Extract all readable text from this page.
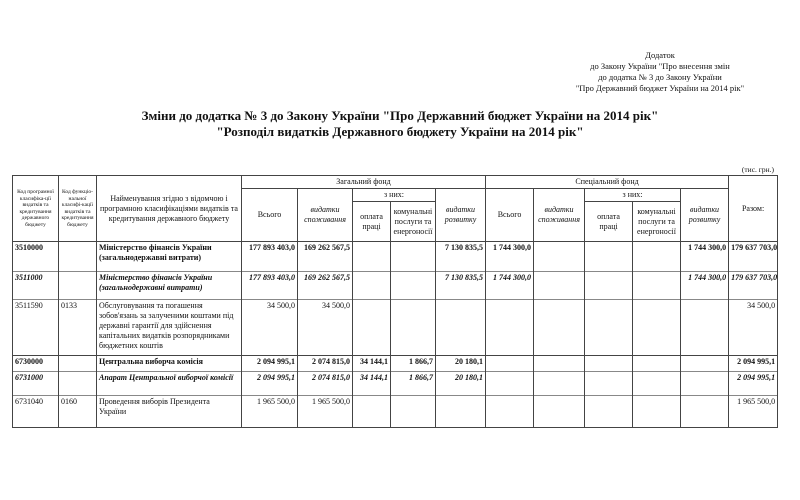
Додаток
до Закону України "Про внесення змін
до додатка № 3 до Закону України
"Про Державний бюджет України на 2014 рік"
Зміни до додатка № 3 до Закону України "Про Державний бюджет України на 2014 рік"
"Розподіл видатків Державного бюджету України на 2014 рік"
(тис. грн.)
Код програмної класифіка-ції видатків та кредитування державного бюджету	Код функціо-нальної класифі-кації видатків та кредитування бюджету	Найменування згідно з відомчою і програмною класифікаціями видатків та кредитування державного бюджету	Загальний фонд					Спеціальний фонд					Разом:
			Всього	видатки споживання	з них:		видатки розвитку	Всього	видатки споживання	з них:		видатки розвитку	
					оплата праці	комунальні послуги та енергоносії				оплата праці	комунальні послуги та енергоносії		
3510000		Міністерство фінансів України (загальнодержавні витрати)	177 893 403,0	169 262 567,5			7 130 835,5	1 744 300,0				1 744 300,0	179 637 703,0
3511000		Міністерство фінансів України (загальнодержавні витрати)	177 893 403,0	169 262 567,5			7 130 835,5	1 744 300,0				1 744 300,0	179 637 703,0
3511590	0133	Обслуговування та погашення зобов'язань за залученими коштами під державні гарантії для здійснення капітальних видатків розпорядниками бюджетних коштів	34 500,0	34 500,0									34 500,0
6730000		Центральна виборча комісія	2 094 995,1	2 074 815,0	34 144,1	1 866,7	20 180,1						2 094 995,1
6731000		Апарат Центральної виборчої комісії	2 094 995,1	2 074 815,0	34 144,1	1 866,7	20 180,1						2 094 995,1
6731040	0160	Проведення виборів Президента України	1 965 500,0	1 965 500,0									1 965 500,0
